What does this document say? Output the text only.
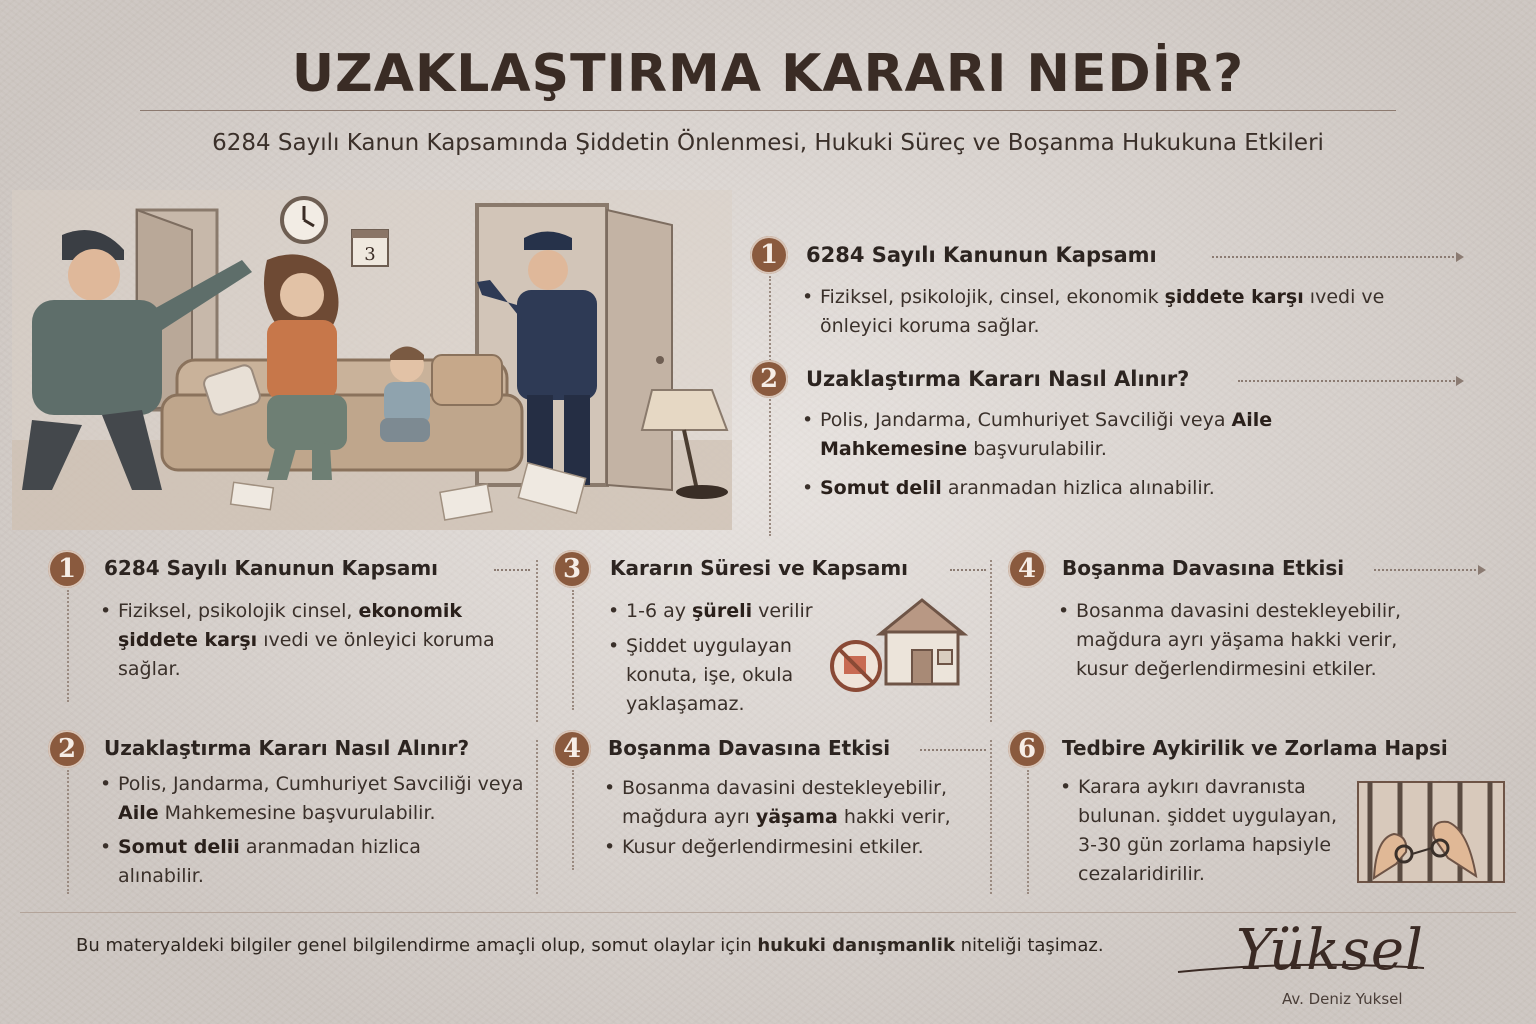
UZAKLAŞTIRMA KARARI NEDİR?
6284 Sayılı Kanun Kapsamında Şiddetin Önlenmesi, Hukuki Süreç ve Boşanma Hukukuna Etkileri
3	1	6284 Sayılı Kanunun Kapsamı
• Fiziksel, psikolojik, cinsel, ekonomik şiddete karşı ıvedi ve önleyici koruma sağlar.
2	Uzaklaştırma Kararı Nasıl Alınır?
• Polis, Jandarma, Cumhuriyet Savciliği veya Aile Mahkemesine başvurulabilir.
• Somut delil aranmadan hizlica alınabilir.
1	6284 Sayılı Kanunun Kapsamı
• Fiziksel, psikolojik cinsel, ekonomik şiddete karşı ıvedi ve önleyici koruma sağlar.
3	Kararın Süresi ve Kapsamı
• 1-6 ay şüreli verilir
• Şiddet uygulayan konuta, işe, okula yaklaşamaz.
4	Boşanma Davasına Etkisi
• Bosanma davasini destekleyebilir, mağdura ayrı yäşama hakki verir, kusur değerlendirmesini etkiler.
2	Uzaklaştırma Kararı Nasıl Alınır?
• Polis, Jandarma, Cumhuriyet Savciliği veya Aile Mahkemesine başvurulabilir.
• Somut delii aranmadan hizlica alınabilir.
4	Boşanma Davasına Etkisi
• Bosanma davasini destekleyebilir, mağdura ayrı yäşama hakki verir,
• Kusur değerlendirmesini etkiler.
6	Tedbire Aykirilik ve Zorlama Hapsi
• Karara aykırı davranısta bulunan. şiddet uygulayan, 3-30 gün zorlama hapsiyle cezalaridirilir.
Bu materyaldeki bilgiler genel bilgilendirme amaçli olup, somut olaylar için hukuki danışmanlik niteliği taşimaz.	Yüksel
Av. Deniz Yuksel
